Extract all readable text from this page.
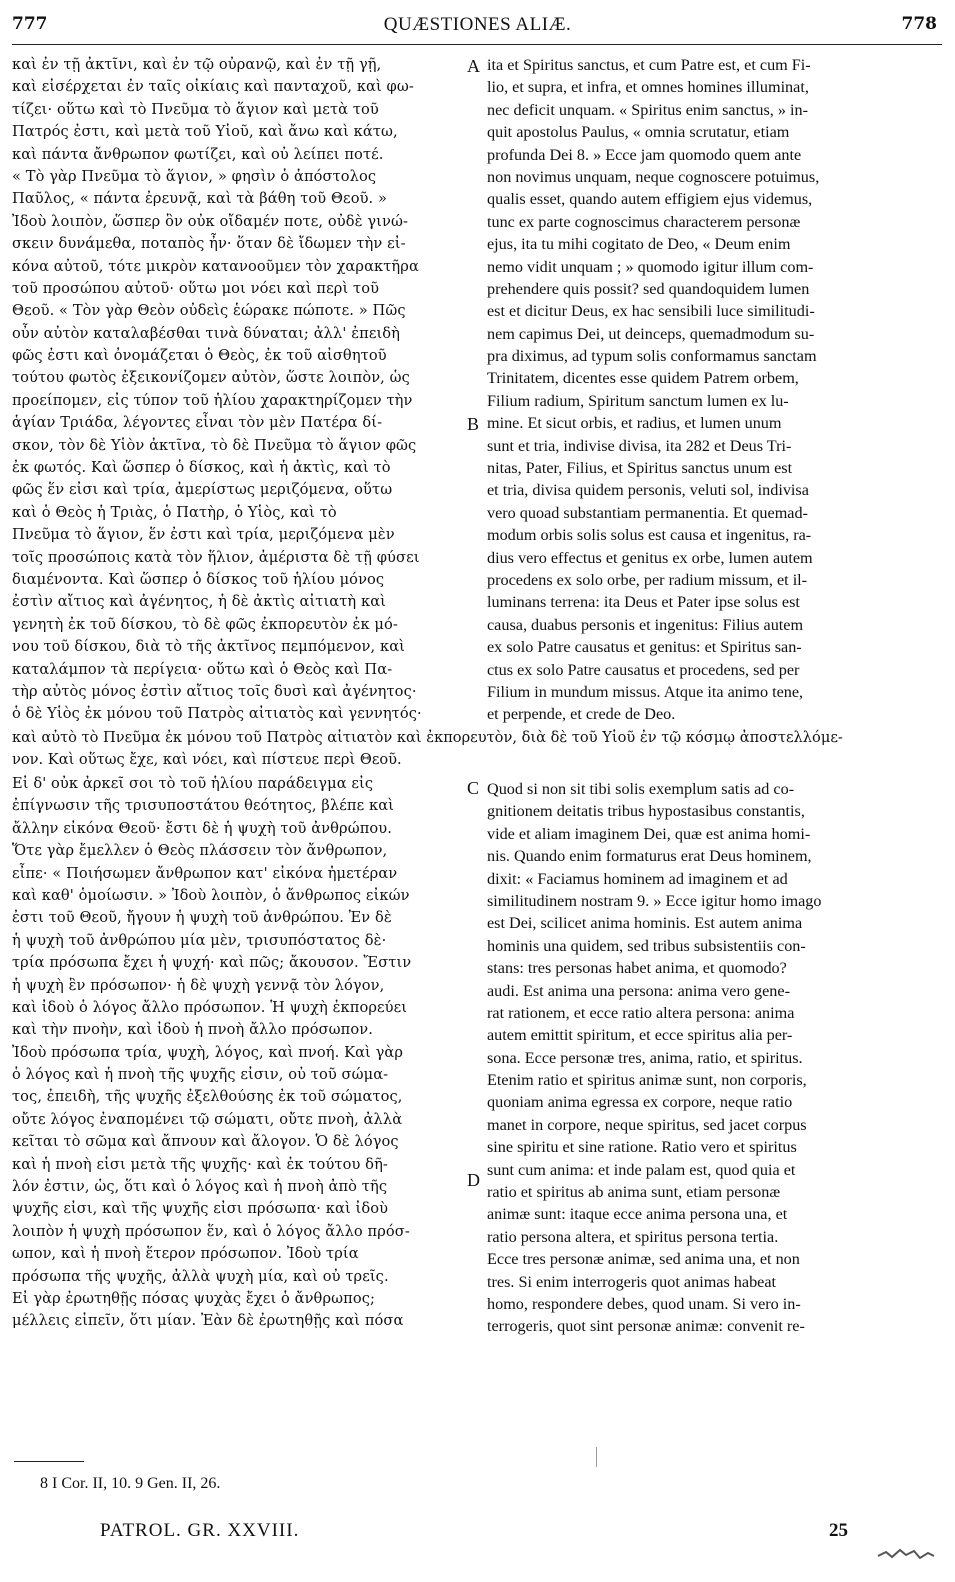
777	QUÆSTIONES ALIÆ.	778
καὶ ἐν τῇ ἀκτῖνι, καὶ ἐν τῷ οὐρανῷ, καὶ ἐν τῇ γῇ,
καὶ εἰσέρχεται ἐν ταῖς οἰκίαις καὶ πανταχοῦ, καὶ φω-
τίζει· οὕτω καὶ τὸ Πνεῦμα τὸ ἅγιον καὶ μετὰ τοῦ
Πατρός ἐστι, καὶ μετὰ τοῦ Υἱοῦ, καὶ ἄνω καὶ κάτω,
καὶ πάντα ἄνθρωπον φωτίζει, καὶ οὐ λείπει ποτέ.
« Τὸ γὰρ Πνεῦμα τὸ ἅγιον, » φησὶν ὁ ἀπόστολος
Παῦλος, « πάντα ἐρευνᾷ, καὶ τὰ βάθη τοῦ Θεοῦ. »
Ἰδοὺ λοιπὸν, ὥσπερ ὃν οὐκ οἴδαμέν ποτε, οὐδὲ γινώ-
σκειν δυνάμεθα, ποταπὸς ἦν· ὅταν δὲ ἴδωμεν τὴν εἰ-
κόνα αὐτοῦ, τότε μικρὸν κατανοοῦμεν τὸν χαρακτῆρα
τοῦ προσώπου αὐτοῦ· οὕτω μοι νόει καὶ περὶ τοῦ
Θεοῦ. « Τὸν γὰρ Θεὸν οὐδεὶς ἑώρακε πώποτε. » Πῶς
οὖν αὐτὸν καταλαβέσθαι τινὰ δύναται; ἀλλ' ἐπειδὴ
φῶς ἐστι καὶ ὀνομάζεται ὁ Θεὸς, ἐκ τοῦ αἰσθητοῦ
τούτου φωτὸς ἐξεικονίζομεν αὐτὸν, ὥστε λοιπὸν, ὡς
προείπομεν, εἰς τύπον τοῦ ἡλίου χαρακτηρίζομεν τὴν
ἁγίαν Τριάδα, λέγοντες εἶναι τὸν μὲν Πατέρα δί-
σκον, τὸν δὲ Υἱὸν ἀκτῖνα, τὸ δὲ Πνεῦμα τὸ ἅγιον φῶς
ἐκ φωτός. Καὶ ὥσπερ ὁ δίσκος, καὶ ἡ ἀκτὶς, καὶ τὸ
φῶς ἕν εἰσι καὶ τρία, ἀμερίστως μεριζόμενα, οὕτω
καὶ ὁ Θεὸς ἡ Τριὰς, ὁ Πατὴρ, ὁ Υἱὸς, καὶ τὸ
Πνεῦμα τὸ ἅγιον, ἕν ἐστι καὶ τρία, μεριζόμενα μὲν
τοῖς προσώποις κατὰ τὸν ἥλιον, ἀμέριστα δὲ τῇ φύσει
διαμένοντα. Καὶ ὥσπερ ὁ δίσκος τοῦ ἡλίου μόνος
ἐστὶν αἴτιος καὶ ἀγένητος, ἡ δὲ ἀκτὶς αἰτιατὴ καὶ
γενητὴ ἐκ τοῦ δίσκου, τὸ δὲ φῶς ἐκπορευτὸν ἐκ μό-
νου τοῦ δίσκου, διὰ τὸ τῆς ἀκτῖνος πεμπόμενον, καὶ
καταλάμπον τὰ περίγεια· οὕτω καὶ ὁ Θεὸς καὶ Πα-
τὴρ αὐτὸς μόνος ἐστὶν αἴτιος τοῖς δυσὶ καὶ ἀγένητος·
ὁ δὲ Υἱὸς ἐκ μόνου τοῦ Πατρὸς αἰτιατὸς καὶ γεννητός·
ita et Spiritus sanctus, et cum Patre est, et cum Fi-
lio, et supra, et infra, et omnes homines illuminat,
nec deficit unquam. « Spiritus enim sanctus, » in-
quit apostolus Paulus, « omnia scrutatur, etiam
profunda Dei 8. » Ecce jam quomodo quem ante
non novimus unquam, neque cognoscere potuimus,
qualis esset, quando autem effigiem ejus videmus,
tunc ex parte cognoscimus characterem personæ
ejus, ita tu mihi cogitato de Deo, « Deum enim
nemo vidit unquam ; » quomodo igitur illum com-
prehendere quis possit? sed quandoquidem lumen
est et dicitur Deus, ex hac sensibili luce similitudi-
nem capimus Dei, ut deinceps, quemadmodum su-
pra diximus, ad typum solis conformamus sanctam
Trinitatem, dicentes esse quidem Patrem orbem,
Filium radium, Spiritum sanctum lumen ex lu-
mine. Et sicut orbis, et radius, et lumen unum
sunt et tria, indivise divisa, ita 282 et Deus Tri-
nitas, Pater, Filius, et Spiritus sanctus unum est
et tria, divisa quidem personis, veluti sol, indivisa
vero quoad substantiam permanentia. Et quemad-
modum orbis solis solus est causa et ingenitus, ra-
dius vero effectus et genitus ex orbe, lumen autem
procedens ex solo orbe, per radium missum, et il-
luminans terrena: ita Deus et Pater ipse solus est
causa, duabus personis et ingenitus: Filius autem
ex solo Patre causatus et genitus: et Spiritus san-
ctus ex solo Patre causatus et procedens, sed per
Filium in mundum missus. Atque ita animo tene,
et perpende, et crede de Deo.
καὶ αὐτὸ τὸ Πνεῦμα ἐκ μόνου τοῦ Πατρὸς αἰτιατὸν καὶ ἐκπορευτὸν, διὰ δὲ τοῦ Υἱοῦ ἐν τῷ κόσμῳ ἀποστελλόμε-
νον. Καὶ οὕτως ἔχε, καὶ νόει, καὶ πίστευε περὶ Θεοῦ.
Εἰ δ' οὐκ ἀρκεῖ σοι τὸ τοῦ ἡλίου παράδειγμα εἰς
ἐπίγνωσιν τῆς τρισυποστάτου θεότητος, βλέπε καὶ
ἄλλην εἰκόνα Θεοῦ· ἔστι δὲ ἡ ψυχὴ τοῦ ἀνθρώπου.
Ὅτε γὰρ ἔμελλεν ὁ Θεὸς πλάσσειν τὸν ἄνθρωπον,
εἶπε· « Ποιήσωμεν ἄνθρωπον κατ' εἰκόνα ἡμετέραν
καὶ καθ' ὁμοίωσιν. » Ἰδοὺ λοιπὸν, ὁ ἄνθρωπος εἰκών
ἐστι τοῦ Θεοῦ, ἤγουν ἡ ψυχὴ τοῦ ἀνθρώπου. Ἐν δὲ
ἡ ψυχὴ τοῦ ἀνθρώπου μία μὲν, τρισυπόστατος δὲ·
τρία πρόσωπα ἔχει ἡ ψυχή· καὶ πῶς; ἄκουσον. Ἔστιν
ἡ ψυχὴ ἓν πρόσωπον· ἡ δὲ ψυχὴ γεννᾷ τὸν λόγον,
καὶ ἰδοὺ ὁ λόγος ἄλλο πρόσωπον. Ἡ ψυχὴ ἐκπορεύει
καὶ τὴν πνοὴν, καὶ ἰδοὺ ἡ πνοὴ ἄλλο πρόσωπον.
Ἰδοὺ πρόσωπα τρία, ψυχὴ, λόγος, καὶ πνοή. Καὶ γὰρ
ὁ λόγος καὶ ἡ πνοὴ τῆς ψυχῆς εἰσιν, οὐ τοῦ σώμα-
τος, ἐπειδὴ, τῆς ψυχῆς ἐξελθούσης ἐκ τοῦ σώματος,
οὔτε λόγος ἐναπομένει τῷ σώματι, οὔτε πνοὴ, ἀλλὰ
κεῖται τὸ σῶμα καὶ ἄπνουν καὶ ἄλογον. Ὁ δὲ λόγος
καὶ ἡ πνοὴ εἰσι μετὰ τῆς ψυχῆς· καὶ ἐκ τούτου δῆ-
λόν ἐστιν, ὡς, ὅτι καὶ ὁ λόγος καὶ ἡ πνοὴ ἀπὸ τῆς
ψυχῆς εἰσι, καὶ τῆς ψυχῆς εἰσι πρόσωπα· καὶ ἰδοὺ
λοιπὸν ἡ ψυχὴ πρόσωπον ἕν, καὶ ὁ λόγος ἄλλο πρόσ-
ωπον, καὶ ἡ πνοὴ ἕτερον πρόσωπον. Ἰδοὺ τρία
πρόσωπα τῆς ψυχῆς, ἀλλὰ ψυχὴ μία, καὶ οὐ τρεῖς.
Εἰ γὰρ ἐρωτηθῇς πόσας ψυχὰς ἔχει ὁ ἄνθρωπος;
μέλλεις εἰπεῖν, ὅτι μίαν. Ἐὰν δὲ ἐρωτηθῇς καὶ πόσα
Quod si non sit tibi solis exemplum satis ad co-
gnitionem deitatis tribus hypostasibus constantis,
vide et aliam imaginem Dei, quæ est anima homi-
nis. Quando enim formaturus erat Deus hominem,
dixit: « Faciamus hominem ad imaginem et ad
similitudinem nostram 9. » Ecce igitur homo imago
est Dei, scilicet anima hominis. Est autem anima
hominis una quidem, sed tribus subsistentiis con-
stans: tres personas habet anima, et quomodo?
audi. Est anima una persona: anima vero gene-
rat rationem, et ecce ratio altera persona: anima
autem emittit spiritum, et ecce spiritus alia per-
sona. Ecce personæ tres, anima, ratio, et spiritus.
Etenim ratio et spiritus animæ sunt, non corporis,
quoniam anima egressa ex corpore, neque ratio
manet in corpore, neque spiritus, sed jacet corpus
sine spiritu et sine ratione. Ratio vero et spiritus
sunt cum anima: et inde palam est, quod quia et
ratio et spiritus ab anima sunt, etiam personæ
animæ sunt: itaque ecce anima persona una, et
ratio persona altera, et spiritus persona tertia.
Ecce tres personæ animæ, sed anima una, et non
tres. Si enim interrogeris quot animas habeat
homo, respondere debes, quod unam. Si vero in-
terrogeris, quot sint personæ animæ: convenit re-
A
B
C
D
8 I Cor. II, 10. 9 Gen. II, 26.
PATROL. GR. XXVIII.	25
